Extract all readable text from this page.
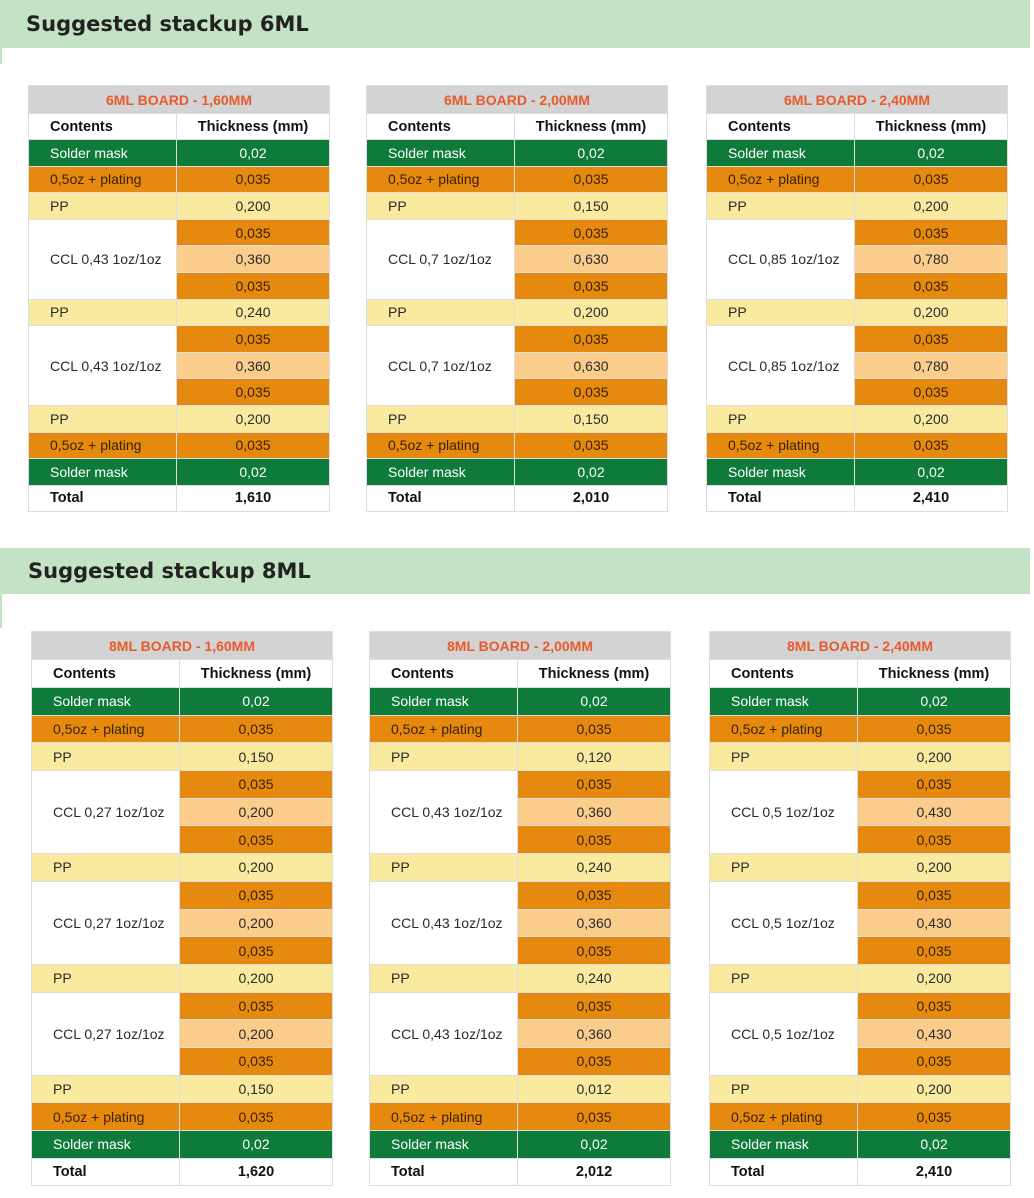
Suggested stackup 6ML
Suggested stackup 8ML
6ML BOARD - 1,60MM	
Contents	Thickness (mm)
Solder mask	0,02
0,5oz + plating	0,035
PP	0,200
CCL 0,43 1oz/1oz	0,035
	0,360
	0,035
PP	0,240
CCL 0,43 1oz/1oz	0,035
	0,360
	0,035
PP	0,200
0,5oz + plating	0,035
Solder mask	0,02
Total	1,610
6ML BOARD - 2,00MM	
Contents	Thickness (mm)
Solder mask	0,02
0,5oz + plating	0,035
PP	0,150
CCL 0,7 1oz/1oz	0,035
	0,630
	0,035
PP	0,200
CCL 0,7 1oz/1oz	0,035
	0,630
	0,035
PP	0,150
0,5oz + plating	0,035
Solder mask	0,02
Total	2,010
6ML BOARD - 2,40MM	
Contents	Thickness (mm)
Solder mask	0,02
0,5oz + plating	0,035
PP	0,200
CCL 0,85 1oz/1oz	0,035
	0,780
	0,035
PP	0,200
CCL 0,85 1oz/1oz	0,035
	0,780
	0,035
PP	0,200
0,5oz + plating	0,035
Solder mask	0,02
Total	2,410
8ML BOARD - 1,60MM	
Contents	Thickness (mm)
Solder mask	0,02
0,5oz + plating	0,035
PP	0,150
CCL 0,27 1oz/1oz	0,035
	0,200
	0,035
PP	0,200
CCL 0,27 1oz/1oz	0,035
	0,200
	0,035
PP	0,200
CCL 0,27 1oz/1oz	0,035
	0,200
	0,035
PP	0,150
0,5oz + plating	0,035
Solder mask	0,02
Total	1,620
8ML BOARD - 2,00MM	
Contents	Thickness (mm)
Solder mask	0,02
0,5oz + plating	0,035
PP	0,120
CCL 0,43 1oz/1oz	0,035
	0,360
	0,035
PP	0,240
CCL 0,43 1oz/1oz	0,035
	0,360
	0,035
PP	0,240
CCL 0,43 1oz/1oz	0,035
	0,360
	0,035
PP	0,012
0,5oz + plating	0,035
Solder mask	0,02
Total	2,012
8ML BOARD - 2,40MM	
Contents	Thickness (mm)
Solder mask	0,02
0,5oz + plating	0,035
PP	0,200
CCL 0,5 1oz/1oz	0,035
	0,430
	0,035
PP	0,200
CCL 0,5 1oz/1oz	0,035
	0,430
	0,035
PP	0,200
CCL 0,5 1oz/1oz	0,035
	0,430
	0,035
PP	0,200
0,5oz + plating	0,035
Solder mask	0,02
Total	2,410
